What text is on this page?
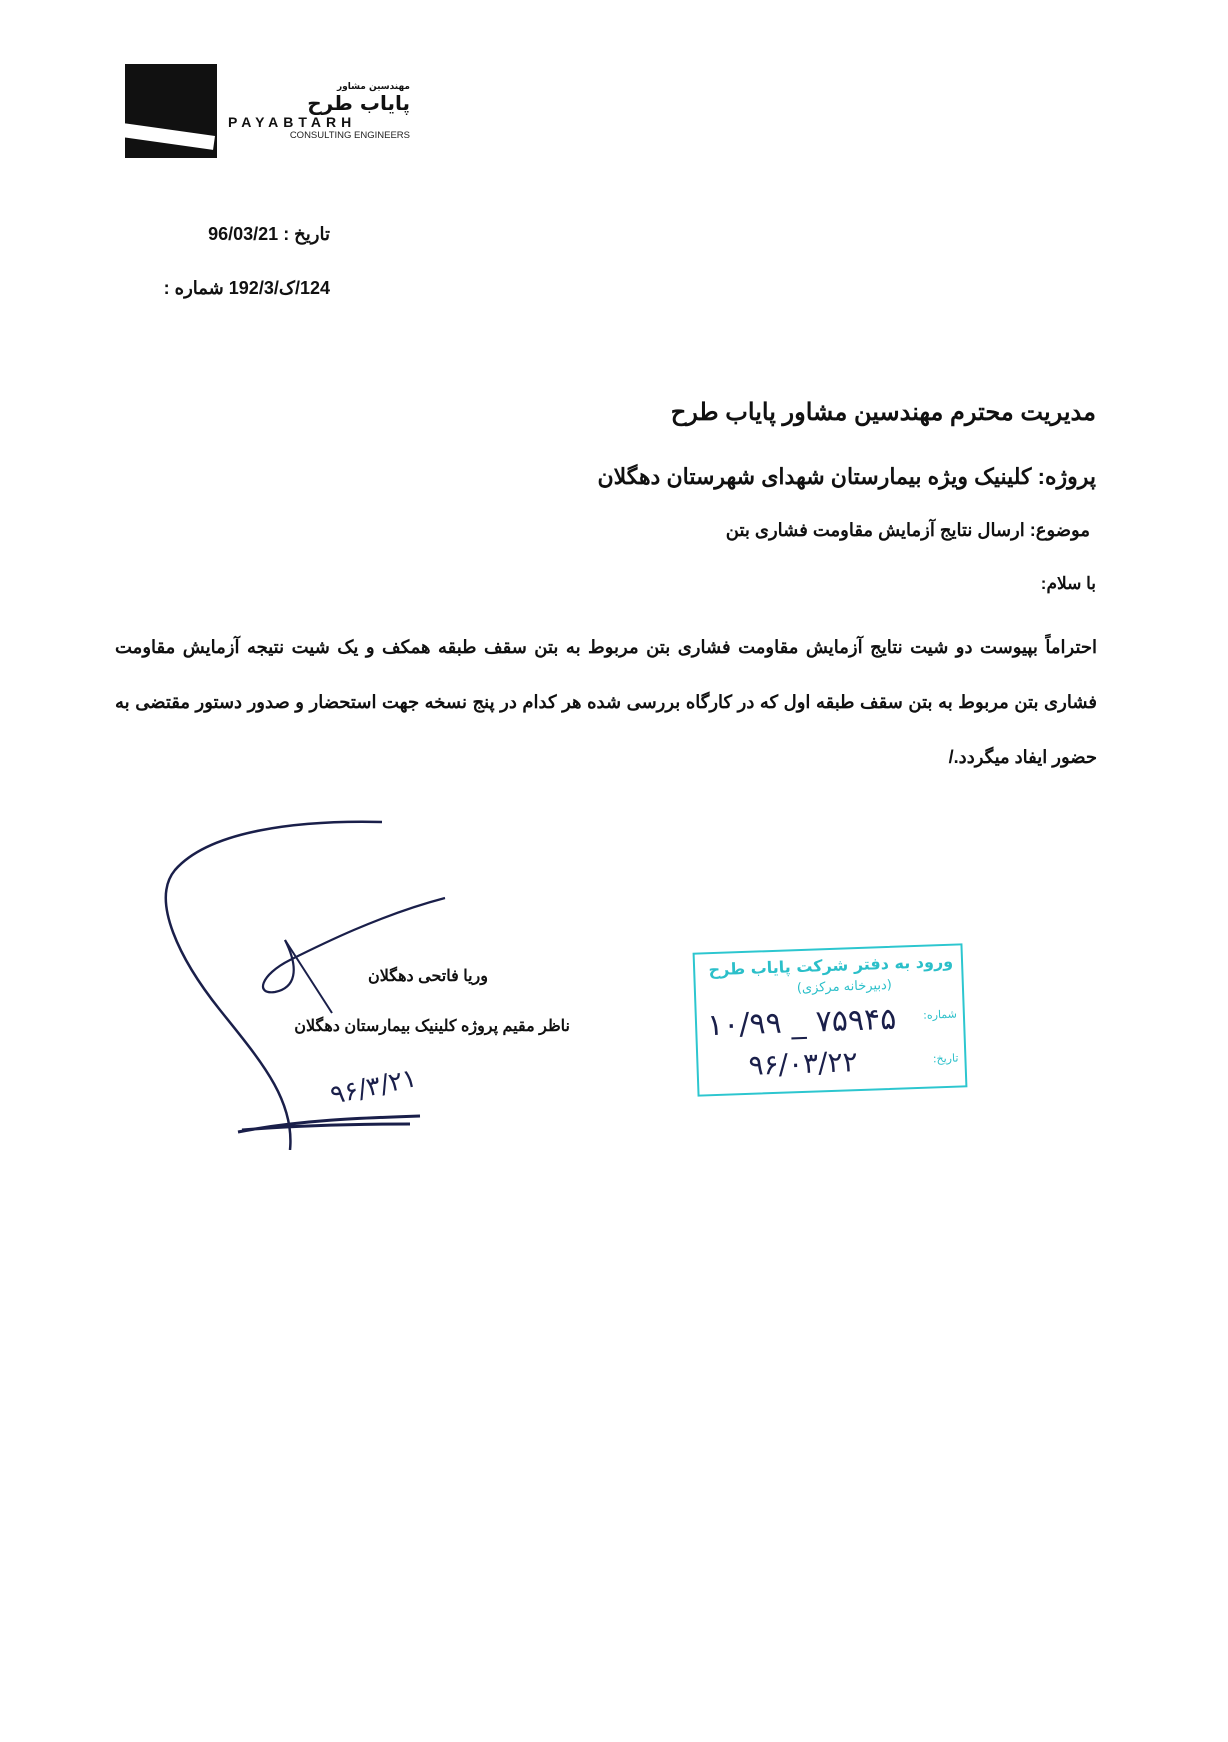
مهندسین مشاور
پایاب طرح
PAYABTARH
CONSULTING ENGINEERS
96/03/21 تاریخ :
124/ک/192/3 شماره :
مدیریت محترم مهندسین مشاور پایاب طرح
پروژه: کلینیک ویژه بیمارستان شهدای شهرستان دهگلان
موضوع: ارسال نتایج آزمایش مقاومت فشاری بتن
با سلام:
احتراماً بپیوست دو شیت نتایج آزمایش مقاومت فشاری بتن مربوط به بتن سقف طبقه همکف و یک شیت نتیجه آزمایش مقاومت فشاری بتن مربوط به بتن سقف طبقه اول که در کارگاه بررسی شده هر کدام در پنج نسخه جهت استحضار و صدور دستور مقتضی به حضور ایفاد میگردد./
۹۶/۳/۲۱
وریا فاتحی دهگلان
ناظر مقیم پروژه کلینیک بیمارستان دهگلان
ورود به دفتر شرکت پایاب طرح
(دبیرخانه مرکزی)
شماره:
۱۰/۹۹ _ ۷۵۹۴۵
تاریخ:
۹۶/۰۳/۲۲
